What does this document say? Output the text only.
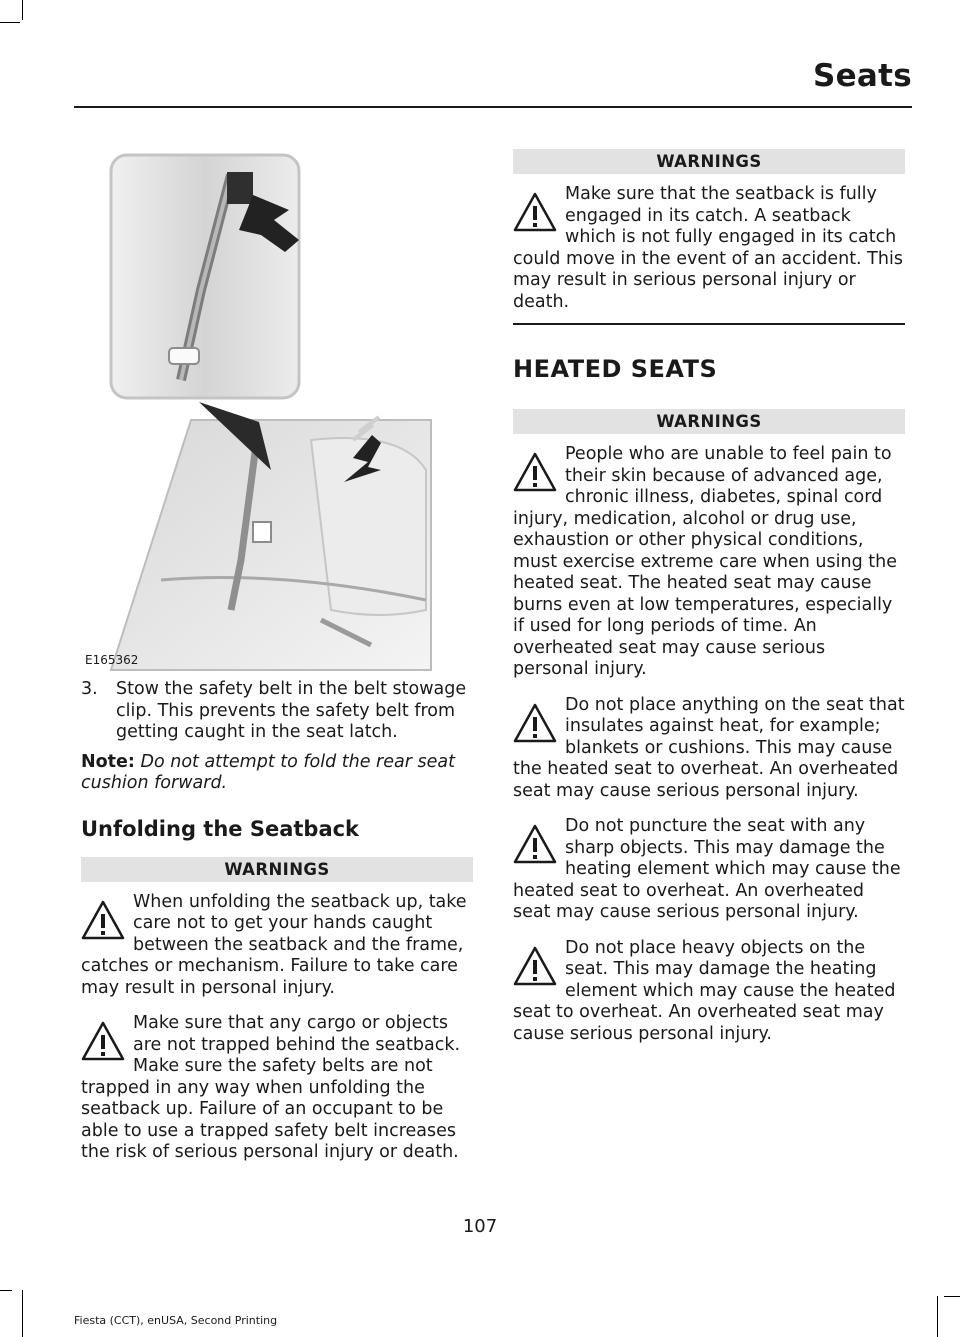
Seats
E165362
3.	Stow the safety belt in the belt stowage clip. This prevents the safety belt from getting caught in the seat latch.
Note: Do not attempt to fold the rear seat cushion forward.
Unfolding the Seatback
WARNINGS

When unfolding the seatback up, take care not to get your hands caught between the seatback and the frame, catches or mechanism. Failure to take care may result in personal injury.

Make sure that any cargo or objects are not trapped behind the seatback. Make sure the safety belts are not trapped in any way when unfolding the seatback up. Failure of an occupant to be able to use a trapped safety belt increases the risk of serious personal injury or death.

WARNINGS

Make sure that the seatback is fully engaged in its catch. A seatback which is not fully engaged in its catch could move in the event of an accident. This may result in serious personal injury or death.

HEATED SEATS
WARNINGS

People who are unable to feel pain to their skin because of advanced age, chronic illness, diabetes, spinal cord injury, medication, alcohol or drug use, exhaustion or other physical conditions, must exercise extreme care when using the heated seat. The heated seat may cause burns even at low temperatures, especially if used for long periods of time. An overheated seat may cause serious personal injury.

Do not place anything on the seat that insulates against heat, for example; blankets or cushions. This may cause the heated seat to overheat. An overheated seat may cause serious personal injury.

Do not puncture the seat with any sharp objects. This may damage the heating element which may cause the heated seat to overheat. An overheated seat may cause serious personal injury.

Do not place heavy objects on the seat. This may damage the heating element which may cause the heated seat to overheat. An overheated seat may cause serious personal injury.

107
Fiesta (CCT), enUSA, Second Printing
